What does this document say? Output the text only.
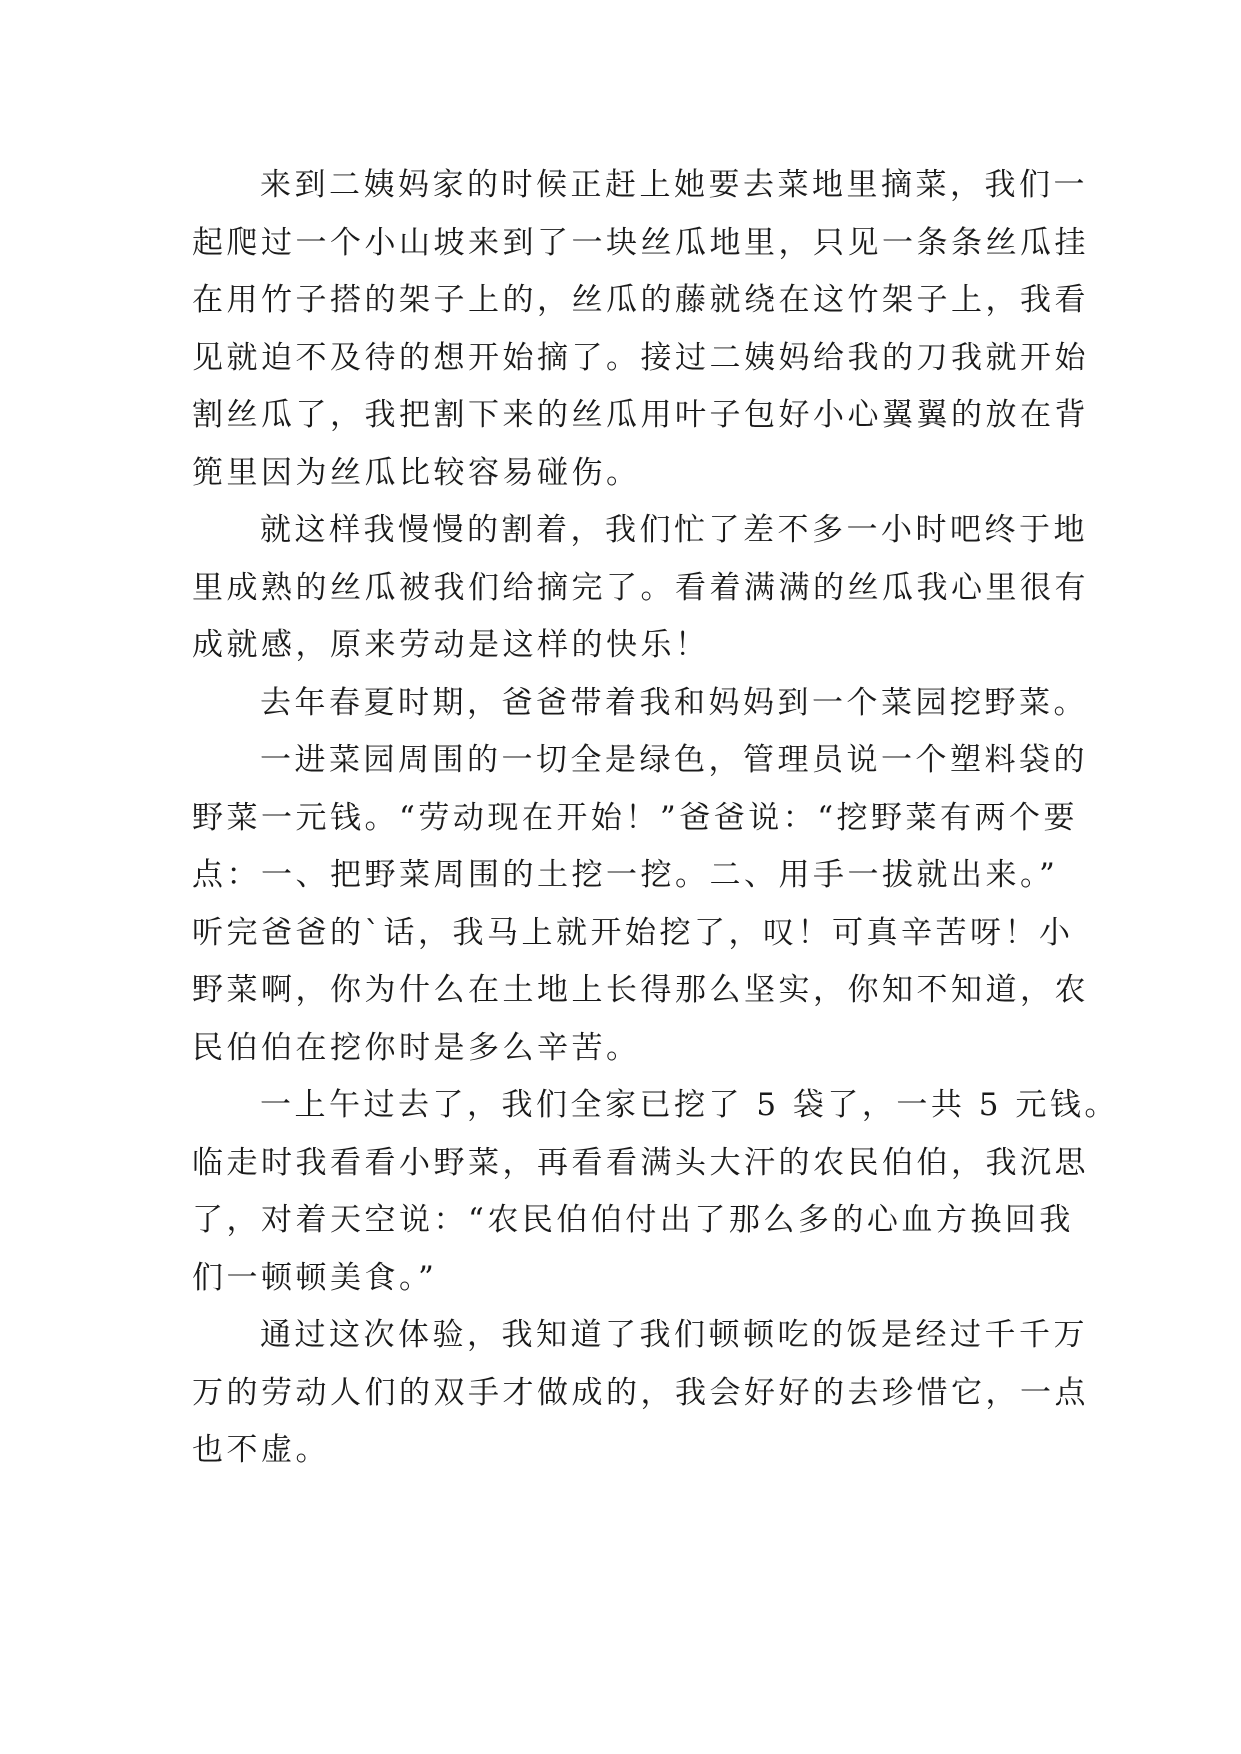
来到二姨妈家的时候正赶上她要去菜地里摘菜，我们一
起爬过一个小山坡来到了一块丝瓜地里，只见一条条丝瓜挂
在用竹子搭的架子上的，丝瓜的藤就绕在这竹架子上，我看
见就迫不及待的想开始摘了。接过二姨妈给我的刀我就开始
割丝瓜了，我把割下来的丝瓜用叶子包好小心翼翼的放在背
篼里因为丝瓜比较容易碰伤。
就这样我慢慢的割着，我们忙了差不多一小时吧终于地
里成熟的丝瓜被我们给摘完了。看着满满的丝瓜我心里很有
成就感，原来劳动是这样的快乐！
去年春夏时期，爸爸带着我和妈妈到一个菜园挖野菜。
一进菜园周围的一切全是绿色，管理员说一个塑料袋的
野菜一元钱。“劳动现在开始！”爸爸说：“挖野菜有两个要
点：一、把野菜周围的土挖一挖。二、用手一拔就出来。”
听完爸爸的`话，我马上就开始挖了，叹！可真辛苦呀！小
野菜啊，你为什么在土地上长得那么坚实，你知不知道，农
民伯伯在挖你时是多么辛苦。
一上午过去了，我们全家已挖了 5 袋了，一共 5 元钱。
临走时我看看小野菜，再看看满头大汗的农民伯伯，我沉思
了，对着天空说：“农民伯伯付出了那么多的心血方换回我
们一顿顿美食。”
通过这次体验，我知道了我们顿顿吃的饭是经过千千万
万的劳动人们的双手才做成的，我会好好的去珍惜它，一点
也不虚。
